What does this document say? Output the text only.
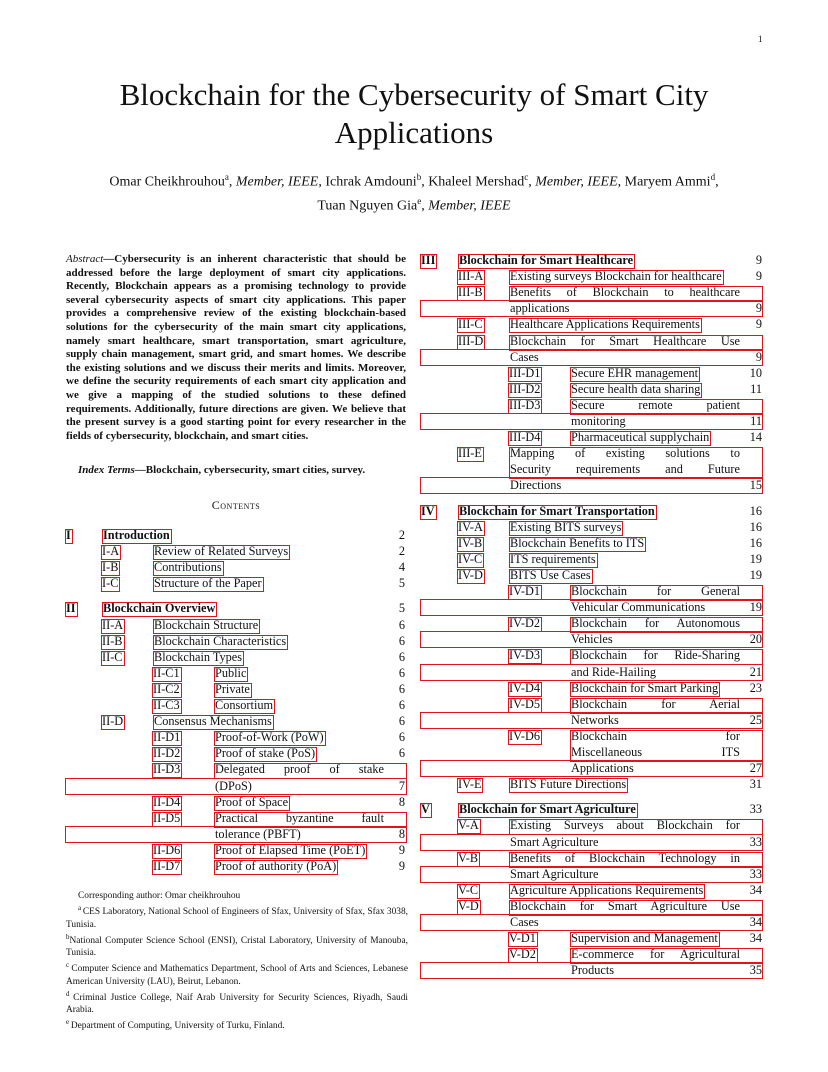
1
Blockchain for the Cybersecurity of Smart City
Applications
Omar Cheikhrouhou$^a$, Member, IEEE, Ichrak Amdouni$^b$, Khaleel Mershad$^c$, Member, IEEE, Maryem Ammi$^d$,
Tuan Nguyen Gia$^e$, Member, IEEE
Abstract—Cybersecurity is an inherent characteristic that should be addressed before the large deployment of smart city applications. Recently, Blockchain appears as a promising technology to provide several cybersecurity aspects of smart city applications. This paper provides a comprehensive review of the existing blockchain-based solutions for the cybersecurity of the main smart city applications, namely smart healthcare, smart transportation, smart agriculture, supply chain management, smart grid, and smart homes. We describe the existing solutions and we discuss their merits and limits. Moreover, we define the security requirements of each smart city application and we give a mapping of the studied solutions to these defined requirements. Additionally, future directions are given. We believe that the present survey is a good starting point for every researcher in the fields of cybersecurity, blockchain, and smart cities.
Index Terms—Blockchain, cybersecurity, smart cities, survey.
Contents
I	Introduction	2
I-A	Review of Related Surveys	2
I-B	Contributions	4
I-C	Structure of the Paper	5
II Blockchain Overview	5
II-A	Blockchain Structure	6
II-B	Blockchain Characteristics	6
II-C	Blockchain Types	6
II-C1	Public	6
II-C2	Private	6
II-C3	Consortium	6
II-D	Consensus Mechanisms	6
II-D1	Proof-of-Work (PoW)	6
II-D2	Proof of stake (PoS)	6
II-D3	Delegated proof of stake
(DPoS)	7
II-D4	Proof of Space	8
II-D5	Practical byzantine fault
tolerance (PBFT)	8
II-D6	Proof of Elapsed Time (PoET)	9
II-D7	Proof of authority (PoA)	9
III Blockchain for Smart Healthcare	9
III-A Existing surveys Blockchain for healthcare	9
III-B Benefits of Blockchain to healthcare
applications	9
III-C Healthcare Applications Requirements	9
III-D Blockchain for Smart Healthcare Use
Cases	9
III-D1 Secure EHR management	10
III-D2 Secure health data sharing	11
III-D3 Secure remote patient
monitoring	11
III-D4 Pharmaceutical supplychain	14
III-E Mapping of existing solutions to
Security requirements and Future
Directions	15
IV Blockchain for Smart Transportation	16
IV-A Existing BITS surveys	16
IV-B Blockchain Benefits to ITS	16
IV-C ITS requirements	19
IV-D BITS Use Cases	19
IV-D1	Blockchain for General
Vehicular Communications	19
IV-D2	Blockchain for Autonomous
Vehicles	20
IV-D3	Blockchain for Ride-Sharing
and Ride-Hailing	21
IV-D4	Blockchain for Smart Parking	23
IV-D5	Blockchain for Aerial
Networks	25
IV-D6	Blockchain for
Miscellaneous ITS
Applications	27
IV-E BITS Future Directions	31
V Blockchain for Smart Agriculture	33
V-A	Existing Surveys about Blockchain for
Smart Agriculture	33
V-B	Benefits of Blockchain Technology in
Smart Agriculture	33
V-C	Agriculture Applications Requirements	34
V-D	Blockchain for Smart Agriculture Use
Cases	34
V-D1	Supervision and Management	34
V-D2	E-commerce for Agricultural
Products	35

Corresponding author: Omar cheikhrouhou

$^a$ CES Laboratory, National School of Engineers of Sfax, University of Sfax, Sfax 3038, Tunisia.

$^b$National Computer Science School (ENSI), Cristal Laboratory, University of Manouba, Tunisia.

$^c$ Computer Science and Mathematics Department, School of Arts and Sciences, Lebanese American University (LAU), Beirut, Lebanon.

$^d$ Criminal Justice College, Naif Arab University for Security Sciences, Riyadh, Saudi Arabia.

$^e$ Department of Computing, University of Turku, Finland.
